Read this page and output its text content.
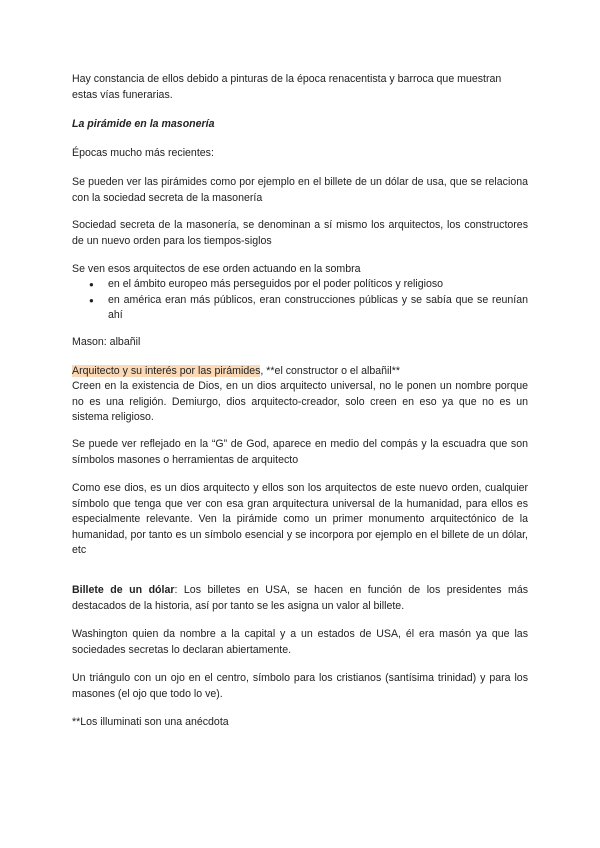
Hay constancia de ellos debido a pinturas de la época renacentista y barroca que muestran estas vías funerarias.

La pirámide en la masonería

Épocas mucho más recientes:

Se pueden ver las pirámides como por ejemplo en el billete de un dólar de usa, que se relaciona con la sociedad secreta de la masonería

Sociedad secreta de la masonería, se denominan a sí mismo los arquitectos, los constructores de un nuevo orden para los tiempos-siglos

Se ven esos arquitectos de ese orden actuando en la sombra

● en el ámbito europeo más perseguidos por el poder políticos y religioso
● en américa eran más públicos, eran construcciones públicas y se sabía que se reunían ahí

Mason: albañil

Arquitecto y su interés por las pirámides, **el constructor o el albañil**

Creen en la existencia de Dios, en un dios arquitecto universal, no le ponen un nombre porque no es una religión. Demiurgo, dios arquitecto-creador, solo creen en eso ya que no es un sistema religioso.

Se puede ver reflejado en la “G” de God, aparece en medio del compás y la escuadra que son símbolos masones o herramientas de arquitecto

Como ese dios, es un dios arquitecto y ellos son los arquitectos de este nuevo orden, cualquier símbolo que tenga que ver con esa gran arquitectura universal de la humanidad, para ellos es especialmente relevante. Ven la pirámide como un primer monumento arquitectónico de la humanidad, por tanto es un símbolo esencial y se incorpora por ejemplo en el billete de un dólar, etc

Billete de un dólar: Los billetes en USA, se hacen en función de los presidentes más destacados de la historia, así por tanto se les asigna un valor al billete.

Washington quien da nombre a la capital y a un estados de USA, él era masón ya que las sociedades secretas lo declaran abiertamente.

Un triángulo con un ojo en el centro, símbolo para los cristianos (santísima trinidad) y para los masones (el ojo que todo lo ve).

**Los illuminati son una anécdota
